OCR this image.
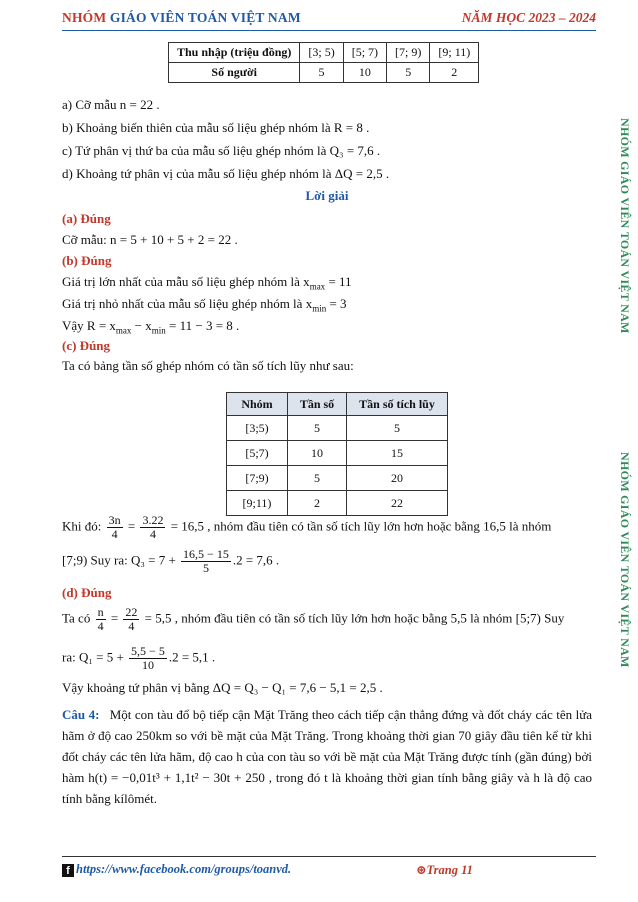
NHÓM GIÁO VIÊN TOÁN VIỆT NAM	NĂM HỌC 2023 – 2024
NHÓM GIÁO VIÊN TOÁN VIỆT NAM
NHÓM GIÁO VIÊN TOÁN VIỆT NAM
Thu nhập (triệu đồng)	[3; 5)	[5; 7)	[7; 9)	[9; 11)
Số người	5	10	5	2
a) Cỡ mẫu n = 22 .
b) Khoảng biến thiên của mẫu số liệu ghép nhóm là R = 8 .
c) Tứ phân vị thứ ba của mẫu số liệu ghép nhóm là Q₃ = 7,6 .
d) Khoảng tứ phân vị của mẫu số liệu ghép nhóm là ΔQ = 2,5 .
Lời giải
(a) Đúng
Cỡ mẫu: n = 5 + 10 + 5 + 2 = 22 .
(b) Đúng
Giá trị lớn nhất của mẫu số liệu ghép nhóm là $x_{max} = 11$
Giá trị nhỏ nhất của mẫu số liệu ghép nhóm là $x_{min} = 3$
Vậy $R = x_{max} - x_{min} = 11 - 3 = 8$ .
(c) Đúng
Ta có bảng tần số ghép nhóm có tần số tích lũy như sau:
Nhóm	Tần số	Tần số tích lũy
[3;5)	5	5
[5;7)	10	15
[7;9)	5	20
[9;11)	2	22
Khi đó: $\frac{3n}{4} = \frac{3.22}{4} = 16,5$ , nhóm đầu tiên có tần số tích lũy lớn hơn hoặc bằng 16,5 là nhóm
[7;9) Suy ra: $Q_3 = 7 + \frac{16,5 - 15}{5} .2 = 7,6$ .
(d) Đúng
Ta có $\frac{n}{4} = \frac{22}{4} = 5,5$ , nhóm đầu tiên có tần số tích lũy lớn hơn hoặc bằng 5,5 là nhóm [5;7) Suy
ra: $Q_1 = 5 + \frac{5,5 - 5}{10} .2 = 5,1$ .
Vậy khoảng tứ phân vị bằng ΔQ = Q₃ − Q₁ = 7,6 − 5,1 = 2,5 .
Câu 4: Một con tàu đổ bộ tiếp cận Mặt Trăng theo cách tiếp cận thẳng đứng và đốt cháy các tên lửa hãm ở độ cao 250km so với bề mặt của Mặt Trăng. Trong khoảng thời gian 70 giây đầu tiên kể từ khi đốt cháy các tên lửa hãm, độ cao h của con tàu so với bề mặt của Mặt Trăng được tính (gần đúng) bởi hàm h(t) = −0,01t³ + 1,1t² − 30t + 250 , trong đó t là khoảng thời gian tính bằng giây và h là độ cao tính bằng kílômét.
f https://www.facebook.com/groups/toanvd.	⊛Trang 11
